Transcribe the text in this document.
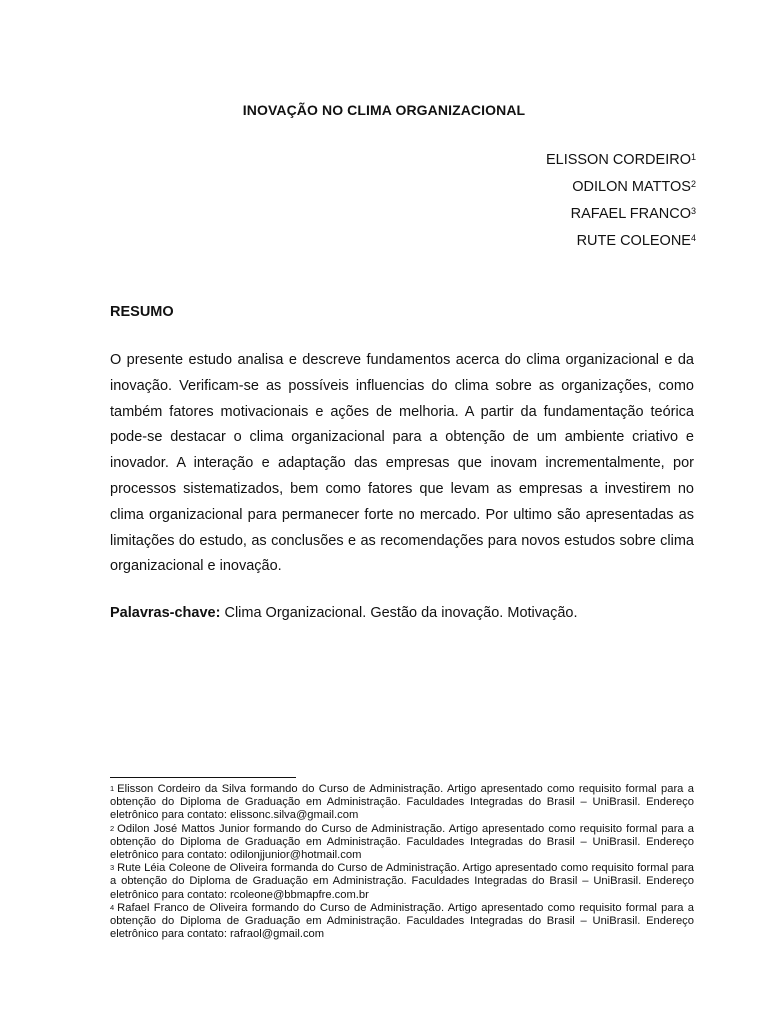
INOVAÇÃO NO CLIMA ORGANIZACIONAL
ELISSON CORDEIRO$^1$
ODILON MATTOS$^2$
RAFAEL FRANCO$^3$
RUTE COLEONE$^4$
RESUMO
O presente estudo analisa e descreve fundamentos acerca do clima organizacional e da inovação. Verificam-se as possíveis influencias do clima sobre as organizações, como também fatores motivacionais e ações de melhoria. A partir da fundamentação teórica pode-se destacar o clima organizacional para a obtenção de um ambiente criativo e inovador. A interação e adaptação das empresas que inovam incrementalmente, por processos sistematizados, bem como fatores que levam as empresas a investirem no clima organizacional para permanecer forte no mercado. Por ultimo são apresentadas as limitações do estudo, as conclusões e as recomendações para novos estudos sobre clima organizacional e inovação.
Palavras-chave: Clima Organizacional. Gestão da inovação. Motivação.
$^1$ Elisson Cordeiro da Silva formando do Curso de Administração. Artigo apresentado como requisito formal para a obtenção do Diploma de Graduação em Administração. Faculdades Integradas do Brasil – UniBrasil. Endereço eletrônico para contato: elissonc.silva@gmail.com
$^2$ Odilon José Mattos Junior formando do Curso de Administração. Artigo apresentado como requisito formal para a obtenção do Diploma de Graduação em Administração. Faculdades Integradas do Brasil – UniBrasil. Endereço eletrônico para contato: odilonjjunior@hotmail.com
$^3$ Rute Léia Coleone de Oliveira formanda do Curso de Administração. Artigo apresentado como requisito formal para a obtenção do Diploma de Graduação em Administração. Faculdades Integradas do Brasil – UniBrasil. Endereço eletrônico para contato: rcoleone@bbmapfre.com.br
$^4$ Rafael Franco de Oliveira formando do Curso de Administração. Artigo apresentado como requisito formal para a obtenção do Diploma de Graduação em Administração. Faculdades Integradas do Brasil – UniBrasil. Endereço eletrônico para contato: rafraol@gmail.com
